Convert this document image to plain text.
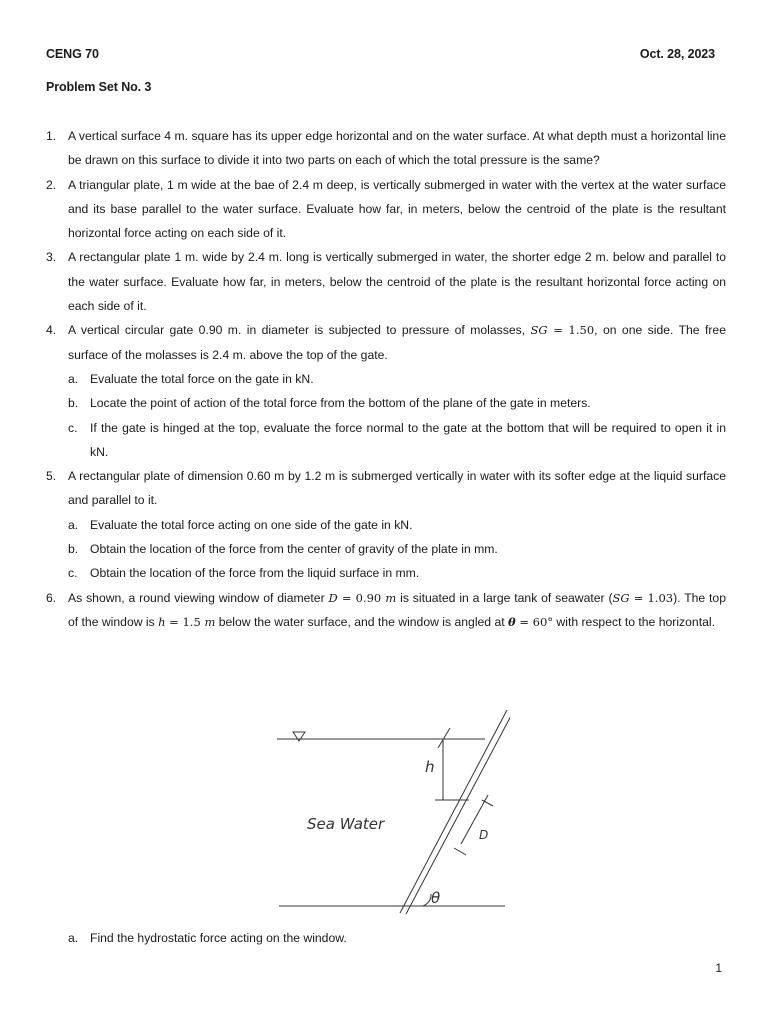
CENG 70	Oct. 28, 2023
Problem Set No. 3
1. A vertical surface 4 m. square has its upper edge horizontal and on the water surface. At what depth must a horizontal line be drawn on this surface to divide it into two parts on each of which the total pressure is the same?
2. A triangular plate, 1 m wide at the bae of 2.4 m deep, is vertically submerged in water with the vertex at the water surface and its base parallel to the water surface. Evaluate how far, in meters, below the centroid of the plate is the resultant horizontal force acting on each side of it.
3. A rectangular plate 1 m. wide by 2.4 m. long is vertically submerged in water, the shorter edge 2 m. below and parallel to the water surface. Evaluate how far, in meters, below the centroid of the plate is the resultant horizontal force acting on each side of it.
4. A vertical circular gate 0.90 m. in diameter is subjected to pressure of molasses, SG = 1.50, on one side. The free surface of the molasses is 2.4 m. above the top of the gate.
a. Evaluate the total force on the gate in kN.
b. Locate the point of action of the total force from the bottom of the plane of the gate in meters.
c. If the gate is hinged at the top, evaluate the force normal to the gate at the bottom that will be required to open it in kN.
5. A rectangular plate of dimension 0.60 m by 1.2 m is submerged vertically in water with its softer edge at the liquid surface and parallel to it.
a. Evaluate the total force acting on one side of the gate in kN.
b. Obtain the location of the force from the center of gravity of the plate in mm.
c. Obtain the location of the force from the liquid surface in mm.
6. As shown, a round viewing window of diameter D = 0.90 m is situated in a large tank of seawater (SG = 1.03). The top of the window is h = 1.5 m below the water surface, and the window is angled at θ = 60° with respect to the horizontal.
h
Sea Water
D
θ
a. Find the hydrostatic force acting on the window.
1
